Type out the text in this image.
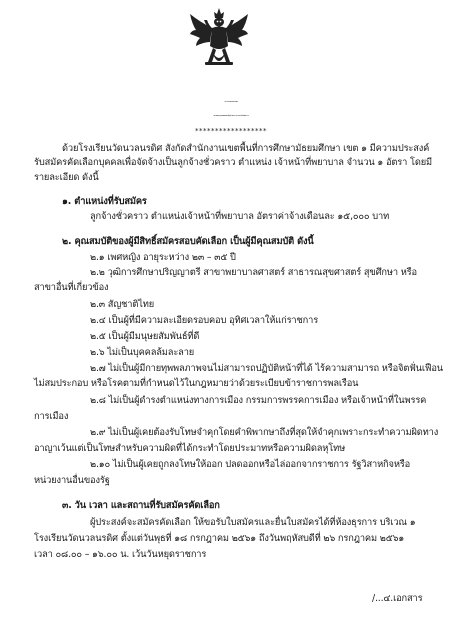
ประกาศโรงเรียนวัดนวลนรดิศ
เรื่อง รับสมัครบุคคลเพื่อคัดเลือกเป็นลูกจ้างชั่วคราว ตำแหน่ง เจ้าหน้าที่พยาบาล
******************
ด้วยโรงเรียนวัดนวลนรดิศ สังกัดสำนักงานเขตพื้นที่การศึกษามัธยมศึกษา เขต ๑ มีความประสงค์
รับสมัครคัดเลือกบุคคลเพื่อจัดจ้างเป็นลูกจ้างชั่วคราว ตำแหน่ง เจ้าหน้าที่พยาบาล จำนวน ๑ อัตรา โดยมี
รายละเอียด ดังนี้
๑. ตำแหน่งที่รับสมัคร
ลูกจ้างชั่วคราว ตำแหน่งเจ้าหน้าที่พยาบาล อัตราค่าจ้างเดือนละ ๑๕,๐๐๐ บาท
๒. คุณสมบัติของผู้มีสิทธิ์สมัครสอบคัดเลือก เป็นผู้มีคุณสมบัติ ดังนี้
๒.๑ เพศหญิง อายุระหว่าง ๒๓ – ๓๕ ปี
๒.๒ วุฒิการศึกษาปริญญาตรี สาขาพยาบาลศาสตร์ สาธารณสุขศาสตร์ สุขศึกษา หรือ
สาขาอื่นที่เกี่ยวข้อง
๒.๓ สัญชาติไทย
๒.๔ เป็นผู้ที่มีความละเอียดรอบคอบ อุทิศเวลาให้แก่ราชการ
๒.๕ เป็นผู้มีมนุษยสัมพันธ์ที่ดี
๒.๖ ไม่เป็นบุคคลล้มละลาย
๒.๗ ไม่เป็นผู้มีกายทุพพลภาพจนไม่สามารถปฏิบัติหน้าที่ได้ ไร้ความสามารถ หรือจิตฟั่นเฟือน
ไม่สมประกอบ หรือโรคตามที่กำหนดไว้ในกฎหมายว่าด้วยระเบียบข้าราชการพลเรือน
๒.๘ ไม่เป็นผู้ดำรงตำแหน่งทางการเมือง กรรมการพรรคการเมือง หรือเจ้าหน้าที่ในพรรค
การเมือง
๒.๙ ไม่เป็นผู้เคยต้องรับโทษจำคุกโดยคำพิพากษาถึงที่สุดให้จำคุกเพราะกระทำความผิดทาง
อาญาเว้นแต่เป็นโทษสำหรับความผิดที่ได้กระทำโดยประมาทหรือความผิดลหุโทษ
๒.๑๐ ไม่เป็นผู้เคยถูกลงโทษให้ออก ปลดออกหรือไล่ออกจากราชการ รัฐวิสาหกิจหรือ
หน่วยงานอื่นของรัฐ
๓. วัน เวลา และสถานที่รับสมัครคัดเลือก
ผู้ประสงค์จะสมัครคัดเลือก ให้ขอรับใบสมัครและยื่นใบสมัครได้ที่ห้องธุรการ บริเวณ ๑
โรงเรียนวัดนวลนรดิศ ตั้งแต่วันพุธที่ ๑๘ กรกฎาคม ๒๕๖๑ ถึงวันพฤหัสบดีที่ ๒๖ กรกฎาคม ๒๕๖๑
เวลา ๐๘.๐๐ – ๑๖.๐๐ น. เว้นวันหยุดราชการ
/...๔.เอกสาร
